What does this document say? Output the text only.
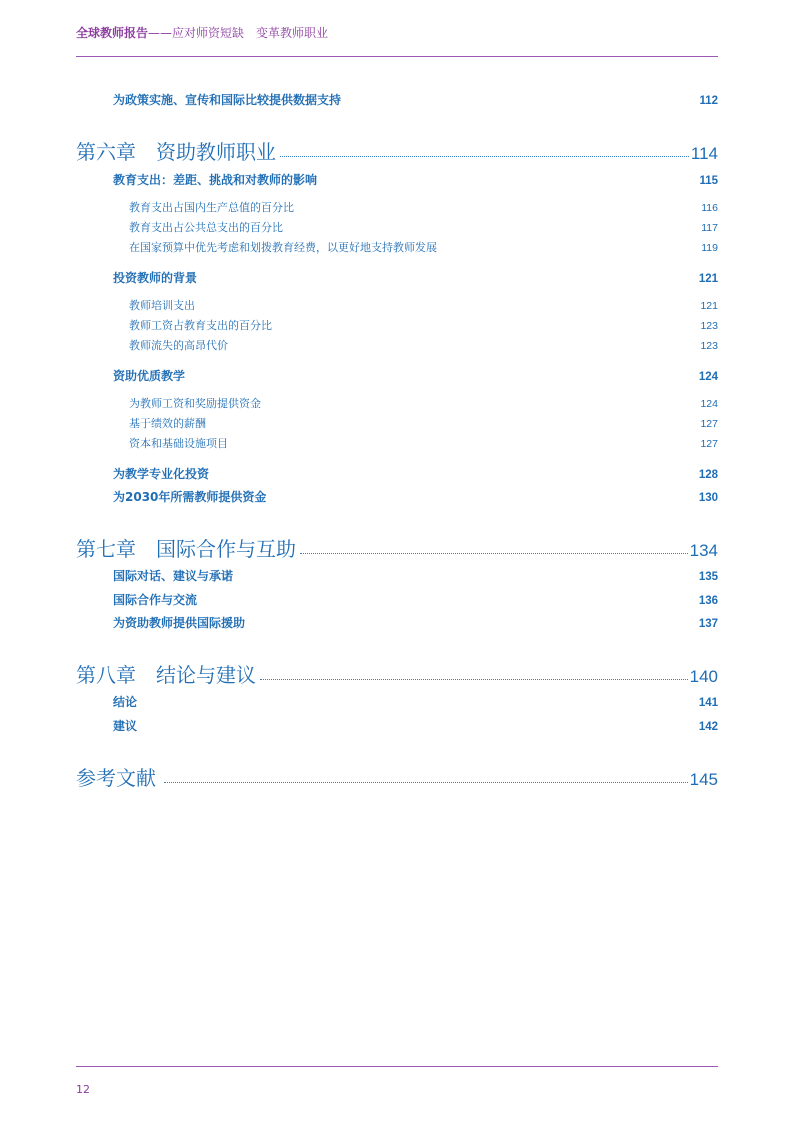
全球教师报告——应对师资短缺　变革教师职业
为政策实施、宣传和国际比较提供数据支持	112
第六章 资助教师职业	114
教育支出：差距、挑战和对教师的影响	115
教育支出占国内生产总值的百分比	116
教育支出占公共总支出的百分比	117
在国家预算中优先考虑和划拨教育经费，以更好地支持教师发展	119
投资教师的背景	121
教师培训支出	121
教师工资占教育支出的百分比	123
教师流失的高昂代价	123
资助优质教学	124
为教师工资和奖励提供资金	124
基于绩效的薪酬	127
资本和基础设施项目	127
为教学专业化投资	128
为2030年所需教师提供资金	130
第七章 国际合作与互助	134
国际对话、建议与承诺	135
国际合作与交流	136
为资助教师提供国际援助	137
第八章 结论与建议	140
结论	141
建议	142
参考文献	145
12
